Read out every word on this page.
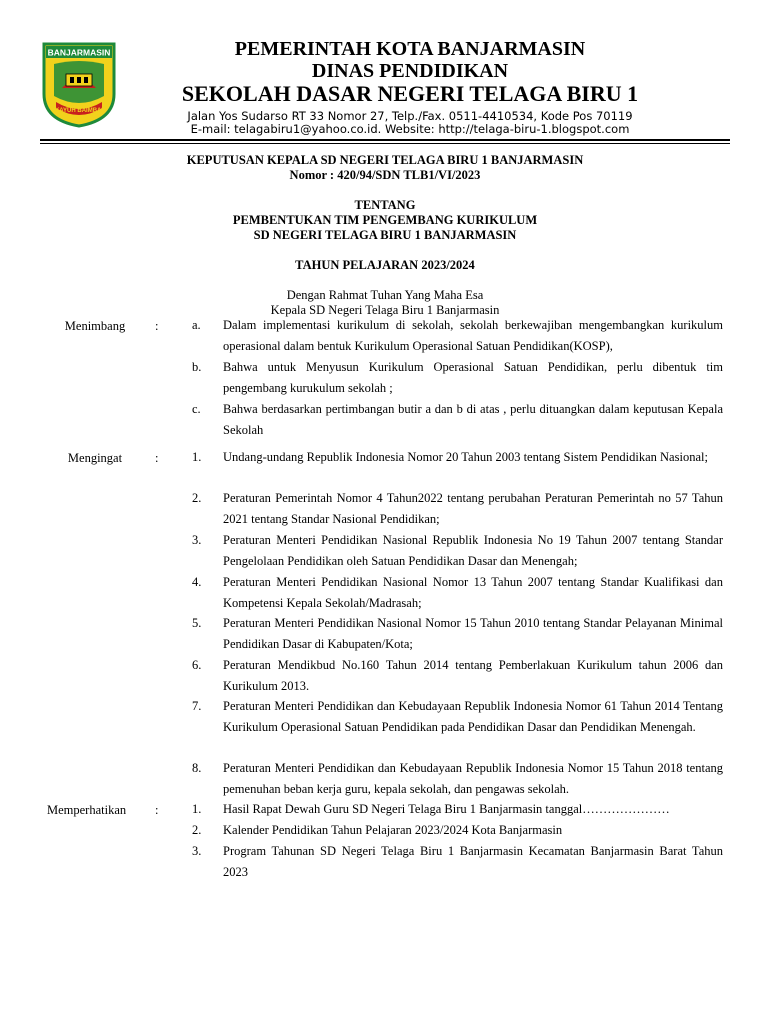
BANJARMASIN
KAYUH BAIMBAI
PEMERINTAH KOTA BANJARMASIN
DINAS PENDIDIKAN
SEKOLAH DASAR NEGERI TELAGA BIRU 1
Jalan Yos Sudarso RT 33 Nomor 27, Telp./Fax. 0511-4410534, Kode Pos 70119
E-mail: telagabiru1@yahoo.co.id. Website: http://telaga-biru-1.blogspot.com
KEPUTUSAN KEPALA SD NEGERI TELAGA BIRU 1 BANJARMASIN
Nomor : 420/94/SDN TLB1/VI/2023
TENTANG
PEMBENTUKAN TIM PENGEMBANG KURIKULUM
SD NEGERI TELAGA BIRU 1 BANJARMASIN
TAHUN PELAJARAN 2023/2024
Dengan Rahmat Tuhan Yang Maha Esa
Kepala SD Negeri Telaga Biru 1 Banjarmasin
Menimbang	:	a.	Dalam implementasi kurikulum di sekolah, sekolah berkewajiban mengembangkan kurikulum operasional dalam bentuk Kurikulum Operasional Satuan Pendidikan(KOSP),
b.	Bahwa untuk Menyusun Kurikulum Operasional Satuan Pendidikan, perlu dibentuk tim pengembang kurukulum sekolah ;
c.	Bahwa berdasarkan pertimbangan butir a dan b di atas , perlu dituangkan dalam keputusan Kepala Sekolah
Mengingat	:	1.	Undang-undang Republik Indonesia Nomor 20 Tahun 2003 tentang Sistem Pendidikan Nasional;
2.	Peraturan Pemerintah Nomor 4 Tahun2022 tentang perubahan Peraturan Pemerintah no 57 Tahun 2021 tentang Standar Nasional Pendidikan;
3.	Peraturan Menteri Pendidikan Nasional Republik Indonesia No 19 Tahun 2007 tentang Standar Pengelolaan Pendidikan oleh Satuan Pendidikan Dasar dan Menengah;
4.	Peraturan Menteri Pendidikan Nasional Nomor 13 Tahun 2007 tentang Standar Kualifikasi dan Kompetensi Kepala Sekolah/Madrasah;
5.	Peraturan Menteri Pendidikan Nasional Nomor 15 Tahun 2010 tentang Standar Pelayanan Minimal Pendidikan Dasar di Kabupaten/Kota;
6.	Peraturan Mendikbud No.160 Tahun 2014 tentang Pemberlakuan Kurikulum tahun 2006 dan Kurikulum 2013.
7.	Peraturan Menteri Pendidikan dan Kebudayaan Republik Indonesia Nomor 61 Tahun 2014 Tentang Kurikulum Operasional Satuan Pendidikan pada Pendidikan Dasar dan Pendidikan Menengah.
8.	Peraturan Menteri Pendidikan dan Kebudayaan Republik Indonesia Nomor 15 Tahun 2018 tentang pemenuhan beban kerja guru, kepala sekolah, dan pengawas sekolah.
Memperhatikan	:	1.	Hasil Rapat Dewah Guru SD Negeri Telaga Biru 1 Banjarmasin tanggal…………………
2.	Kalender Pendidikan Tahun Pelajaran 2023/2024 Kota Banjarmasin
3.	Program Tahunan SD Negeri Telaga Biru 1 Banjarmasin Kecamatan Banjarmasin Barat Tahun 2023
